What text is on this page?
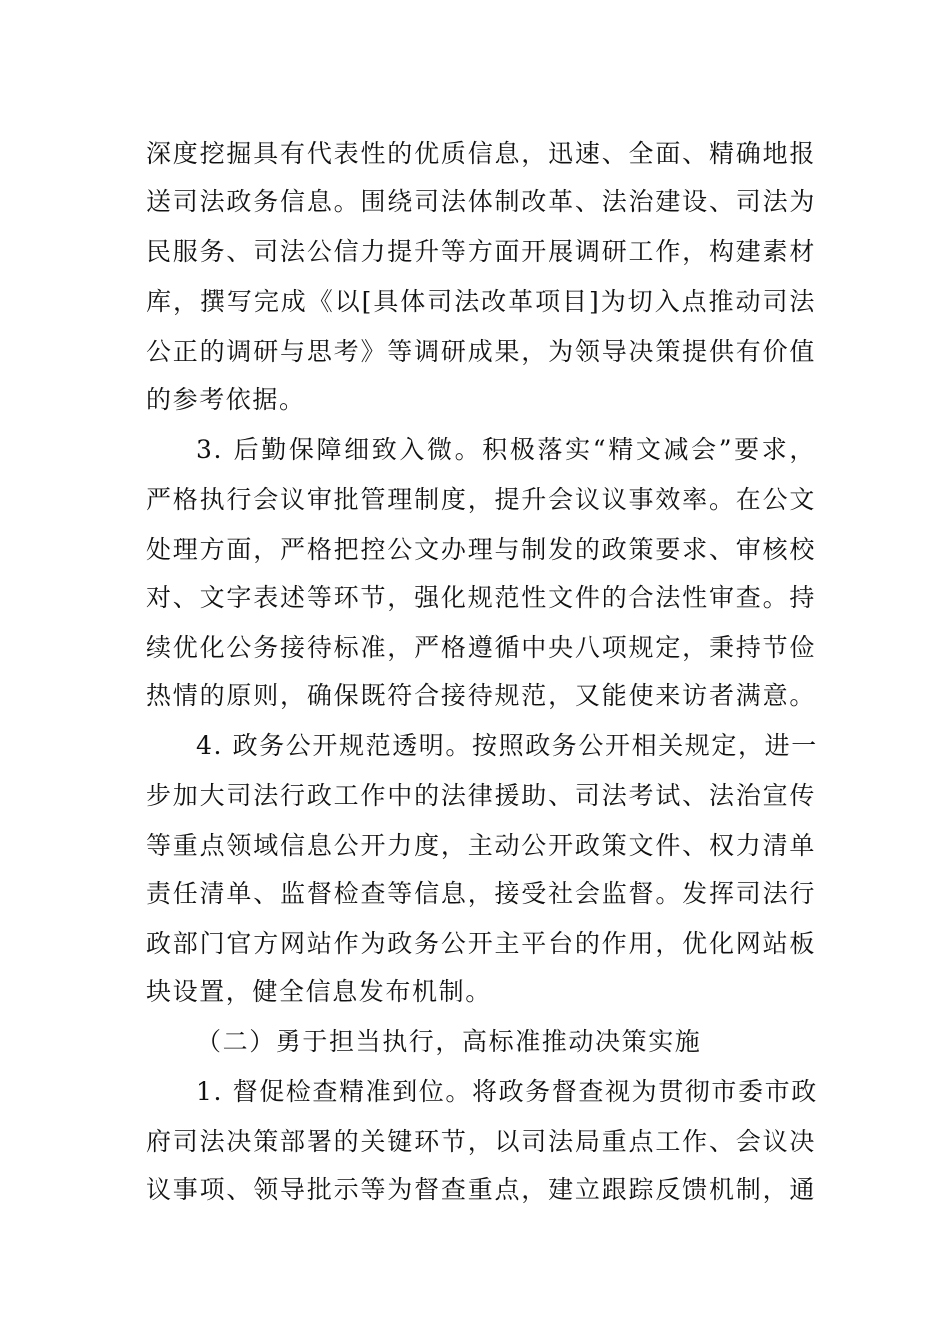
深度挖掘具有代表性的优质信息，迅速、全面、精确地报
送司法政务信息。围绕司法体制改革、法治建设、司法为
民服务、司法公信力提升等方面开展调研工作，构建素材
库，撰写完成《以[具体司法改革项目]为切入点推动司法
公正的调研与思考》等调研成果，为领导决策提供有价值
的参考依据。
3. 后勤保障细致入微。积极落实“精文减会”要求，
严格执行会议审批管理制度，提升会议议事效率。在公文
处理方面，严格把控公文办理与制发的政策要求、审核校
对、文字表述等环节，强化规范性文件的合法性审查。持
续优化公务接待标准，严格遵循中央八项规定，秉持节俭
热情的原则，确保既符合接待规范，又能使来访者满意。
4. 政务公开规范透明。按照政务公开相关规定，进一
步加大司法行政工作中的法律援助、司法考试、法治宣传
等重点领域信息公开力度，主动公开政策文件、权力清单
责任清单、监督检查等信息，接受社会监督。发挥司法行
政部门官方网站作为政务公开主平台的作用，优化网站板
块设置，健全信息发布机制。
（二）勇于担当执行，高标准推动决策实施
1. 督促检查精准到位。将政务督查视为贯彻市委市政
府司法决策部署的关键环节，以司法局重点工作、会议决
议事项、领导批示等为督查重点，建立跟踪反馈机制，通
